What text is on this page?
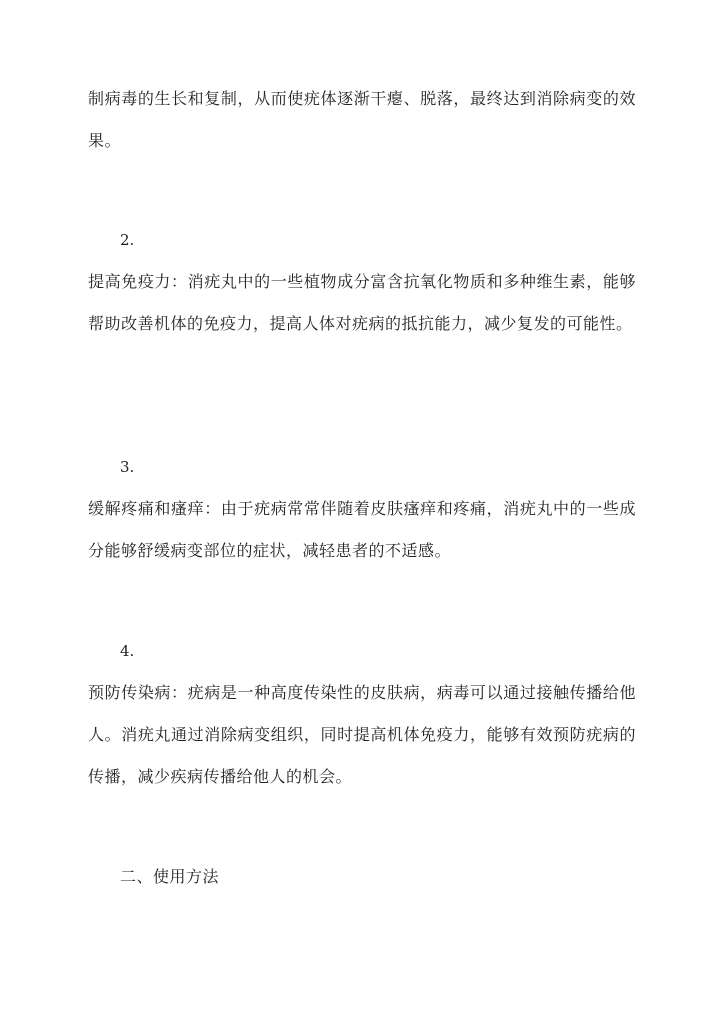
制病毒的生长和复制，从而使疣体逐渐干瘪、脱落，最终达到消除病变的效果。

2.

提高免疫力：消疣丸中的一些植物成分富含抗氧化物质和多种维生素，能够帮助改善机体的免疫力，提高人体对疣病的抵抗能力，减少复发的可能性。

3.

缓解疼痛和瘙痒：由于疣病常常伴随着皮肤瘙痒和疼痛，消疣丸中的一些成分能够舒缓病变部位的症状，减轻患者的不适感。

4.

预防传染病：疣病是一种高度传染性的皮肤病，病毒可以通过接触传播给他人。消疣丸通过消除病变组织，同时提高机体免疫力，能够有效预防疣病的传播，减少疾病传播给他人的机会。

二、使用方法
